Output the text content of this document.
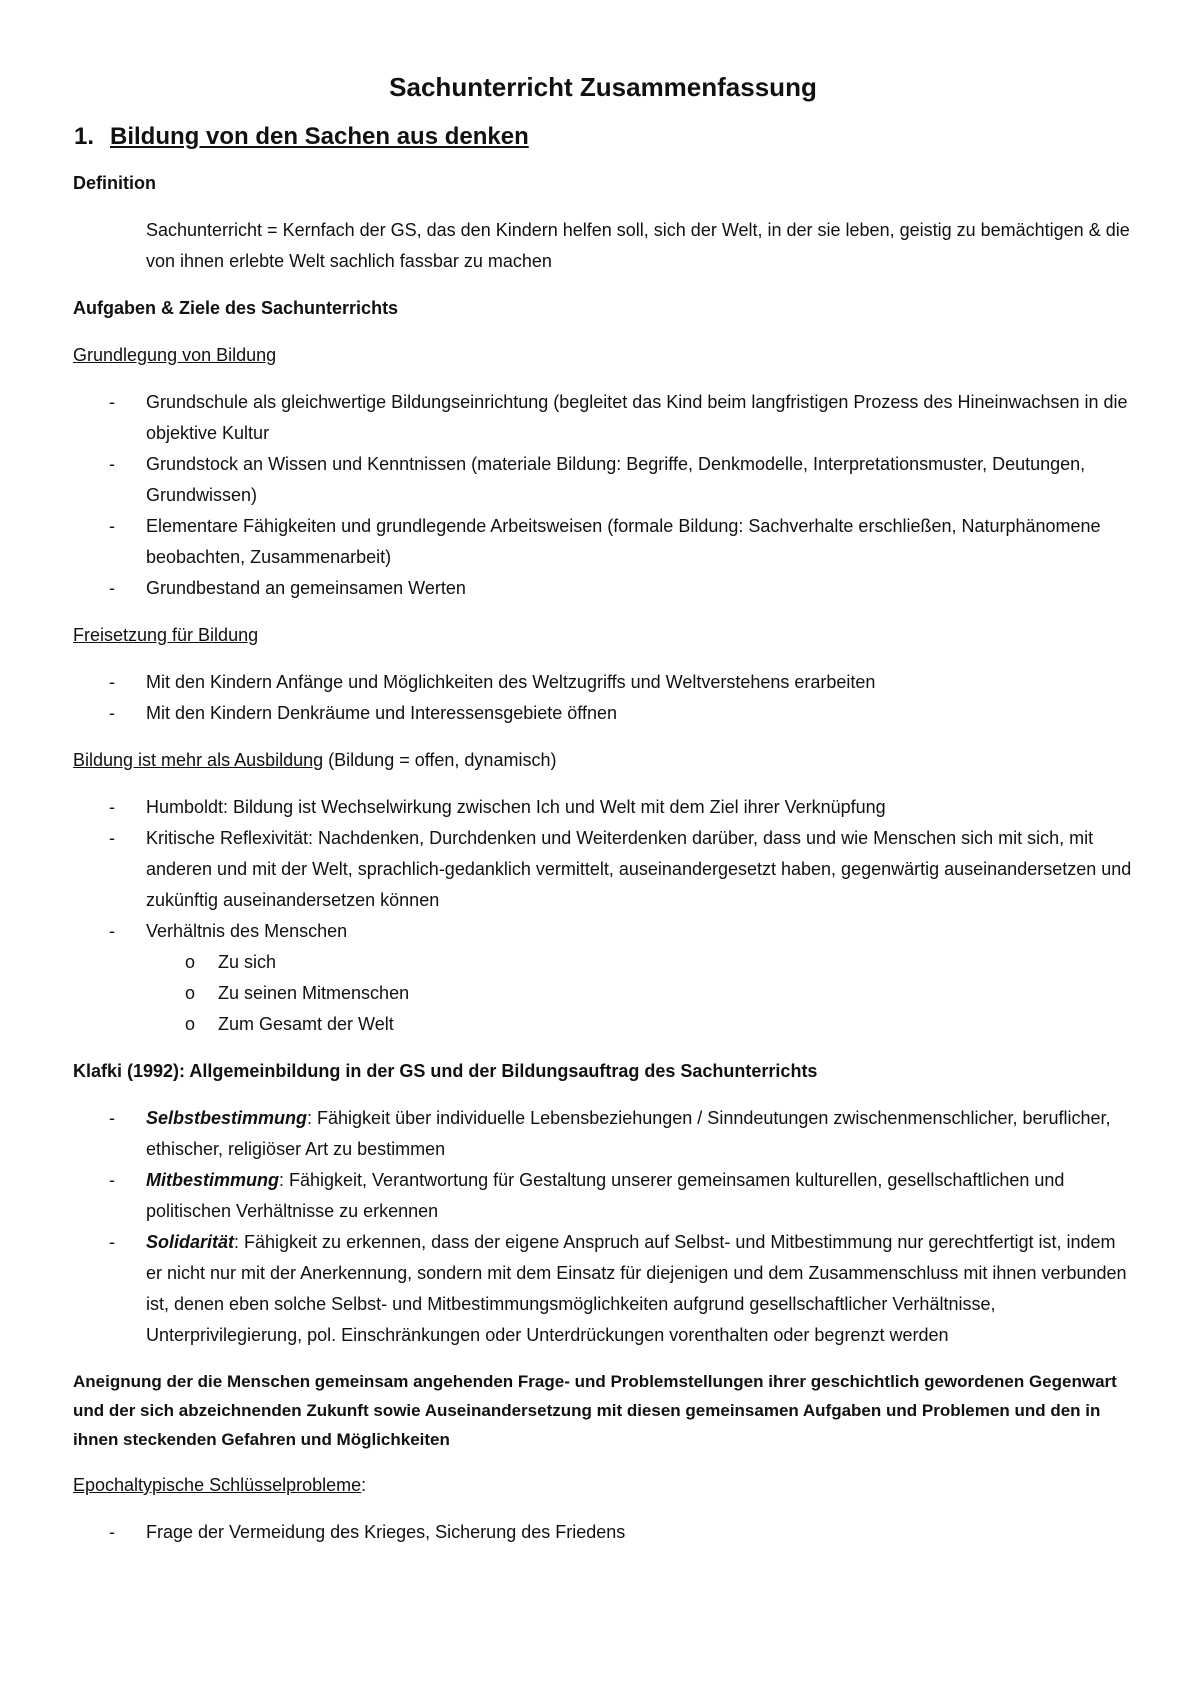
Sachunterricht Zusammenfassung
1. Bildung von den Sachen aus denken
Definition
Sachunterricht = Kernfach der GS, das den Kindern helfen soll, sich der Welt, in der sie leben, geistig zu bemächtigen & die von ihnen erlebte Welt sachlich fassbar zu machen
Aufgaben & Ziele des Sachunterrichts
Grundlegung von Bildung
- Grundschule als gleichwertige Bildungseinrichtung (begleitet das Kind beim langfristigen Prozess des Hineinwachsen in die objektive Kultur
- Grundstock an Wissen und Kenntnissen (materiale Bildung: Begriffe, Denkmodelle, Interpretationsmuster, Deutungen, Grundwissen)
- Elementare Fähigkeiten und grundlegende Arbeitsweisen (formale Bildung: Sachverhalte erschließen, Naturphänomene beobachten, Zusammenarbeit)
- Grundbestand an gemeinsamen Werten
Freisetzung für Bildung
- Mit den Kindern Anfänge und Möglichkeiten des Weltzugriffs und Weltverstehens erarbeiten
- Mit den Kindern Denkräume und Interessensgebiete öffnen
Bildung ist mehr als Ausbildung (Bildung = offen, dynamisch)
- Humboldt: Bildung ist Wechselwirkung zwischen Ich und Welt mit dem Ziel ihrer Verknüpfung
- Kritische Reflexivität: Nachdenken, Durchdenken und Weiterdenken darüber, dass und wie Menschen sich mit sich, mit anderen und mit der Welt, sprachlich-gedanklich vermittelt, auseinandergesetzt haben, gegenwärtig auseinandersetzen und zukünftig auseinandersetzen können
- Verhältnis des Menschen
o Zu sich
o Zu seinen Mitmenschen
o Zum Gesamt der Welt
Klafki (1992): Allgemeinbildung in der GS und der Bildungsauftrag des Sachunterrichts
- Selbstbestimmung: Fähigkeit über individuelle Lebensbeziehungen / Sinndeutungen zwischenmenschlicher, beruflicher, ethischer, religiöser Art zu bestimmen
- Mitbestimmung: Fähigkeit, Verantwortung für Gestaltung unserer gemeinsamen kulturellen, gesellschaftlichen und politischen Verhältnisse zu erkennen
- Solidarität: Fähigkeit zu erkennen, dass der eigene Anspruch auf Selbst- und Mitbestimmung nur gerechtfertigt ist, indem er nicht nur mit der Anerkennung, sondern mit dem Einsatz für diejenigen und dem Zusammenschluss mit ihnen verbunden ist, denen eben solche Selbst- und Mitbestimmungsmöglichkeiten aufgrund gesellschaftlicher Verhältnisse, Unterprivilegierung, pol. Einschränkungen oder Unterdrückungen vorenthalten oder begrenzt werden
Aneignung der die Menschen gemeinsam angehenden Frage- und Problemstellungen ihrer geschichtlich gewordenen Gegenwart und der sich abzeichnenden Zukunft sowie Auseinandersetzung mit diesen gemeinsamen Aufgaben und Problemen und den in ihnen steckenden Gefahren und Möglichkeiten
Epochaltypische Schlüsselprobleme:
- Frage der Vermeidung des Krieges, Sicherung des Friedens
